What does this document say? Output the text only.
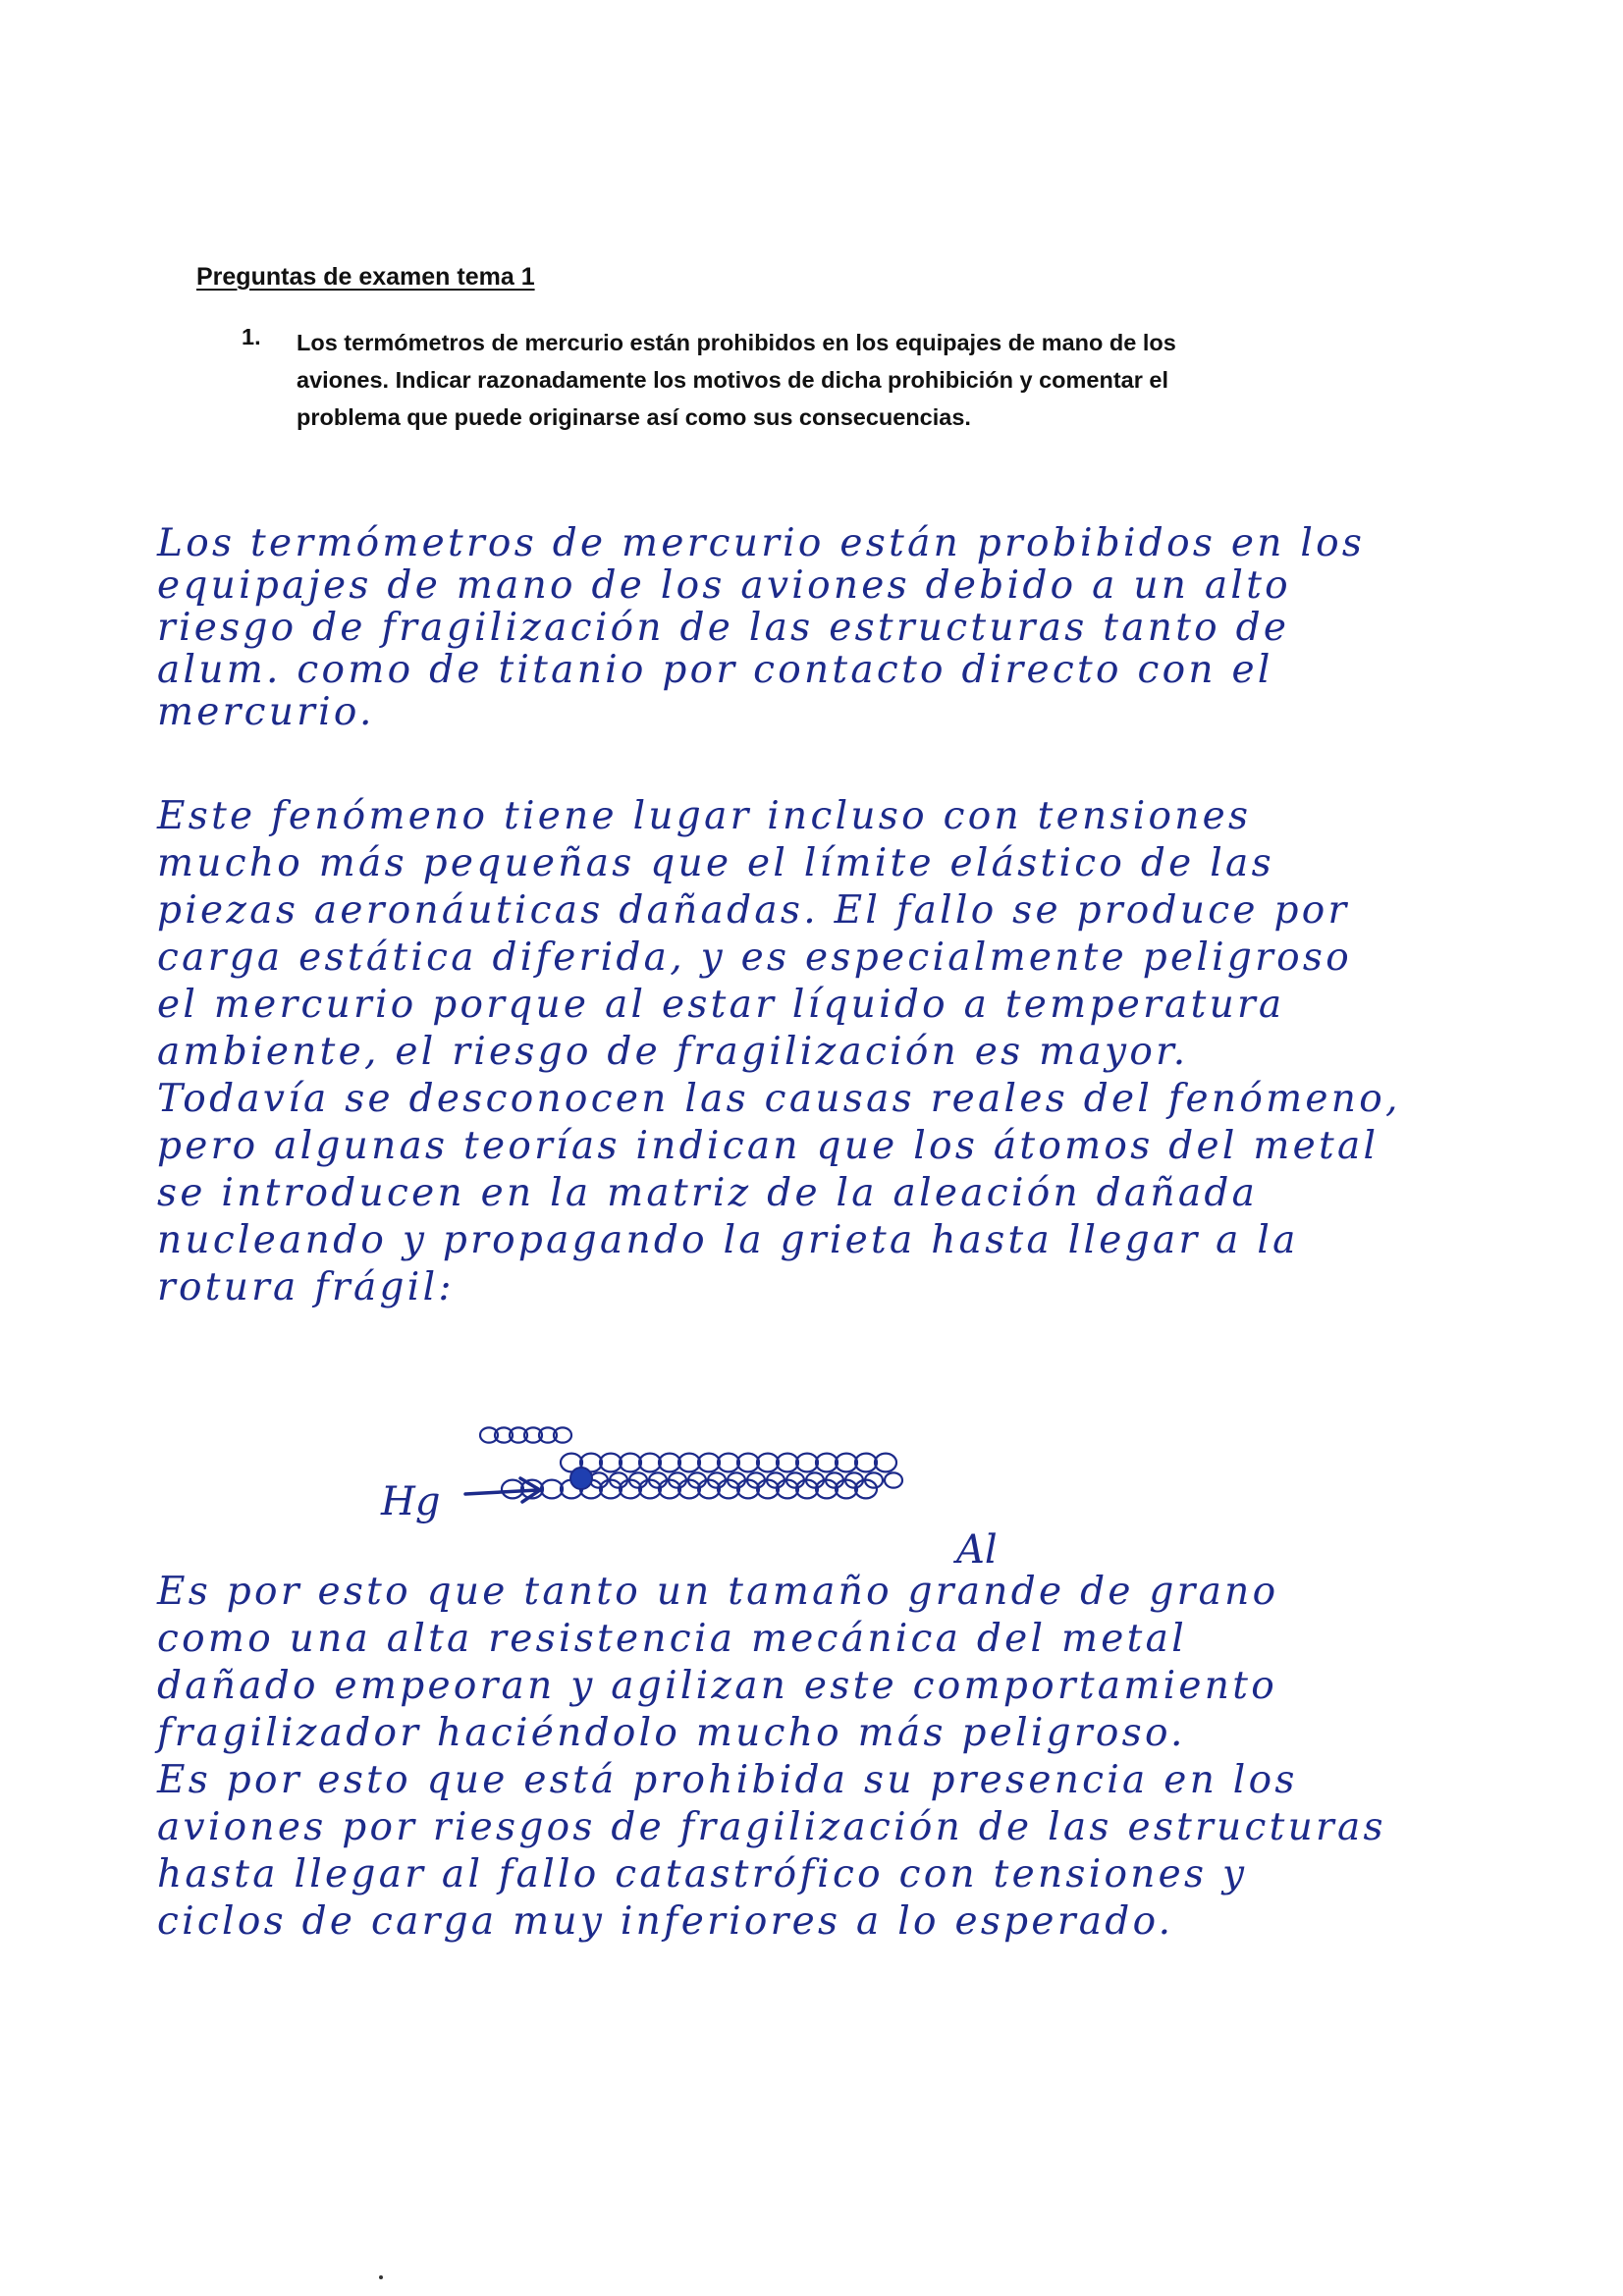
Preguntas de examen tema 1
1. Los termómetros de mercurio están prohibidos en los equipajes de mano de los
aviones. Indicar razonadamente los motivos de dicha prohibición y comentar el
problema que puede originarse así como sus consecuencias.
Los termómetros de mercurio están probibidos en los
equipajes de mano de los aviones debido a un alto
riesgo de fragilización de las estructuras tanto de
alum. como de titanio por contacto directo con el
mercurio.
Este fenómeno tiene lugar incluso con tensiones
mucho más pequeñas que el límite elástico de las
piezas aeronáuticas dañadas. El fallo se produce por
carga estática diferida, y es especialmente peligroso
el mercurio porque al estar líquido a temperatura
ambiente, el riesgo de fragilización es mayor.
Todavía se desconocen las causas reales del fenómeno,
pero algunas teorías indican que los átomos del metal
se introducen en la matriz de la aleación dañada
nucleando y propagando la grieta hasta llegar a la
rotura frágil:
Hg
Al
Es por esto que tanto un tamaño grande de grano
como una alta resistencia mecánica del metal
dañado empeoran y agilizan este comportamiento
fragilizador haciéndolo mucho más peligroso.
Es por esto que está prohibida su presencia en los
aviones por riesgos de fragilización de las estructuras
hasta llegar al fallo catastrófico con tensiones y
ciclos de carga muy inferiores a lo esperado.
